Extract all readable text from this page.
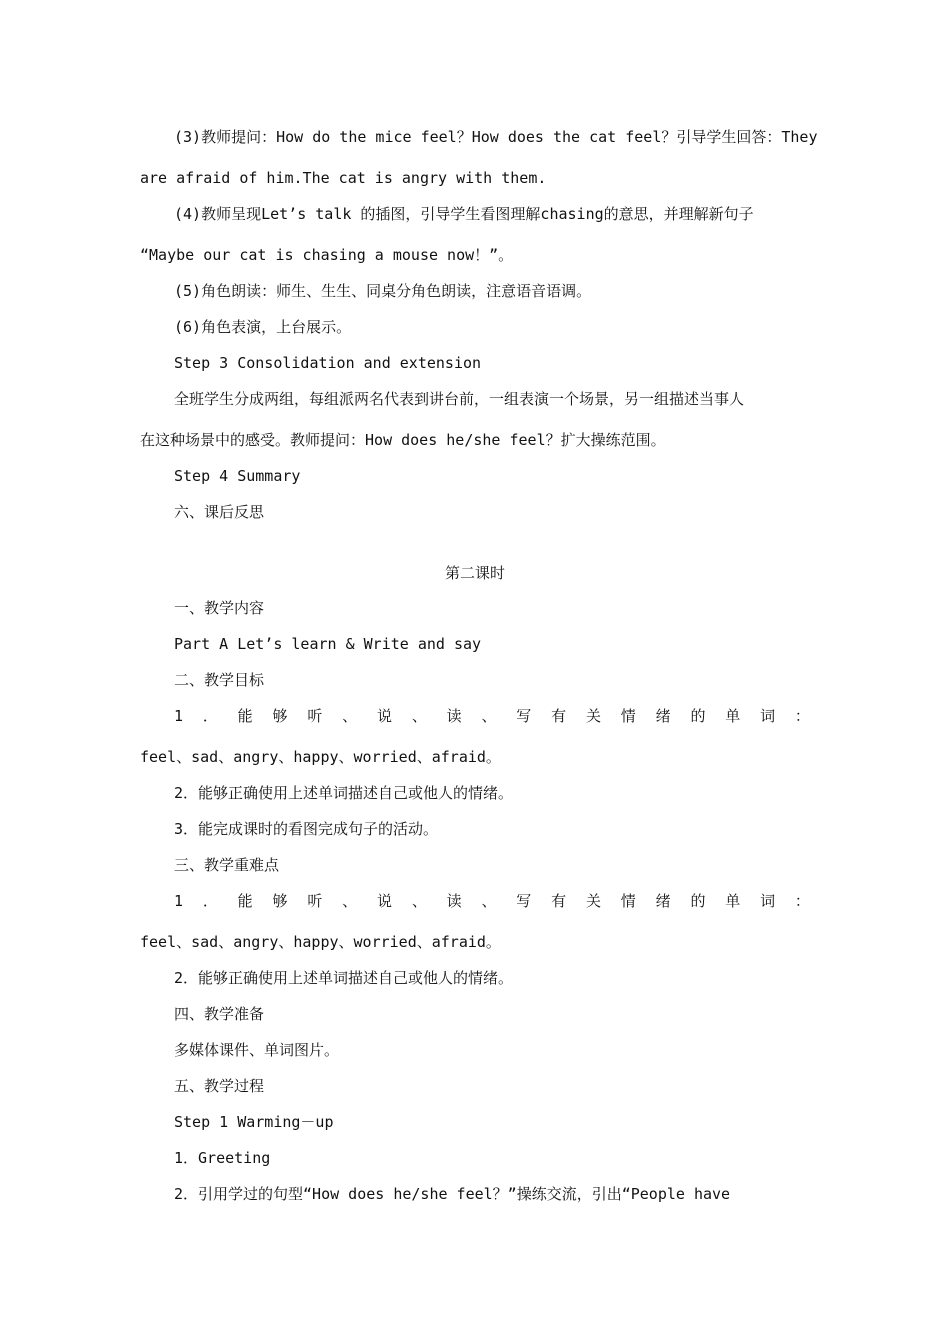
(3)教师提问：How do the mice feel？How does the cat feel？引导学生回答：They
are afraid of him.The cat is angry with them.
(4)教师呈现Let’s talk 的插图，引导学生看图理解chasing的意思，并理解新句子
“Maybe our cat is chasing a mouse now！”。
(5)角色朗读：师生、生生、同桌分角色朗读，注意语音语调。
(6)角色表演，上台展示。
Step 3 Consolidation and extension
全班学生分成两组，每组派两名代表到讲台前，一组表演一个场景，另一组描述当事人
在这种场景中的感受。教师提问：How does he/she feel？扩大操练范围。
Step 4 Summary
六、课后反思
第二课时
一、教学内容
Part A Let’s learn & Write and say
二、教学目标
1 ． 能 够 听 、 说 、 读 、 写 有 关 情 绪 的 单 词 ：
feel、sad、angry、happy、worried、afraid。
2．能够正确使用上述单词描述自己或他人的情绪。
3．能完成课时的看图完成句子的活动。
三、教学重难点
1 ． 能 够 听 、 说 、 读 、 写 有 关 情 绪 的 单 词 ：
feel、sad、angry、happy、worried、afraid。
2．能够正确使用上述单词描述自己或他人的情绪。
四、教学准备
多媒体课件、单词图片。
五、教学过程
Step 1 Warming－up
1．Greeting
2．引用学过的句型“How does he/she feel？”操练交流，引出“People have
